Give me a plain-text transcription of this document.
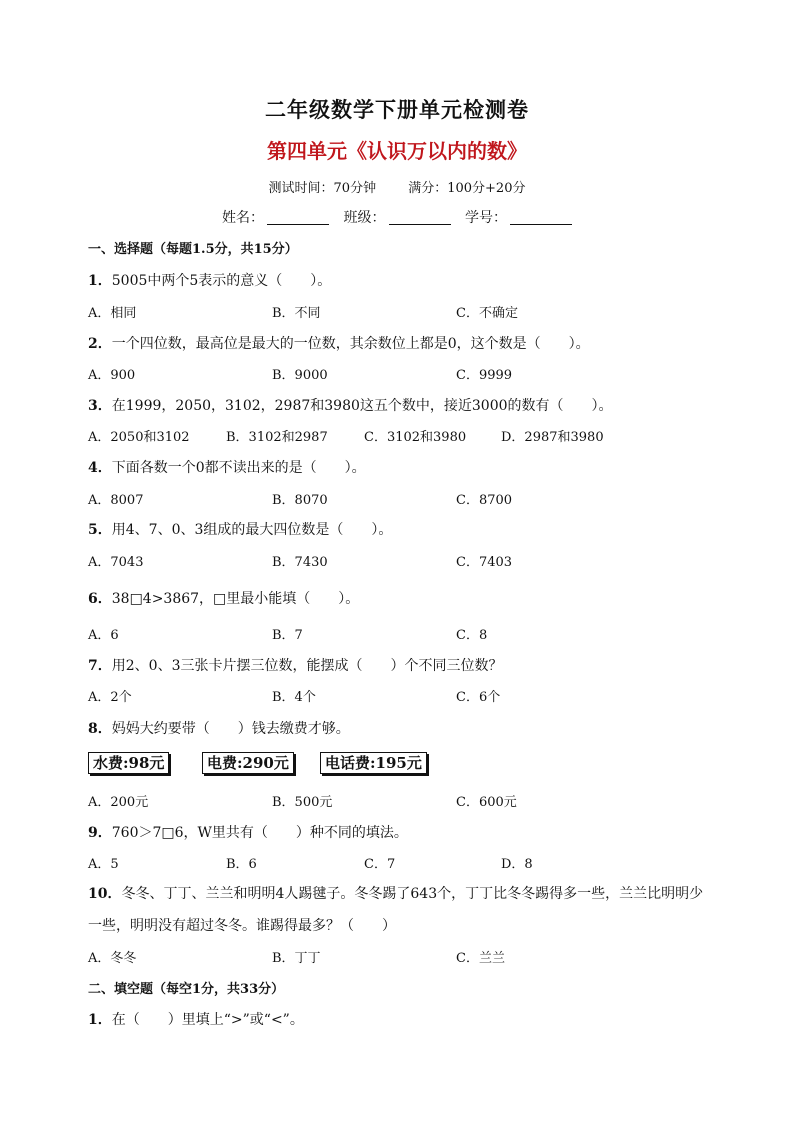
二年级数学下册单元检测卷
第四单元《认识万以内的数》
测试时间：70分钟 满分：100分+20分
姓名：	班级：	学号：
一、选择题（每题1.5分，共15分）
1．5005中两个5表示的意义（　　）。
A．相同	B．不同	C．不确定
2．一个四位数，最高位是最大的一位数，其余数位上都是0，这个数是（　　）。
A．900	B．9000	C．9999
3．在1999，2050，3102，2987和3980这五个数中，接近3000的数有（　　）。
A．2050和3102	B．3102和2987	C．3102和3980	D．2987和3980
4．下面各数一个0都不读出来的是（　　）。
A．8007	B．8070	C．8700
5．用4、7、0、3组成的最大四位数是（　　）。
A．7043	B．7430	C．7403
6．38□4>3867，□里最小能填（　　）。
A．6	B．7	C．8
7．用2、0、3三张卡片摆三位数，能摆成（　　）个不同三位数？
A．2个	B．4个	C．6个
8．妈妈大约要带（　　）钱去缴费才够。
水费:98元	电费:290元	电话费:195元
A．200元	B．500元	C．600元
9．760＞7□6，W里共有（　　）种不同的填法。
A．5	B．6	C．7	D．8
10．冬冬、丁丁、兰兰和明明4人踢毽子。冬冬踢了643个，丁丁比冬冬踢得多一些，兰兰比明明少
一些，明明没有超过冬冬。谁踢得最多？（　　）
A．冬冬	B．丁丁	C．兰兰
二、填空题（每空1分，共33分）
1．在（　　）里填上“>”或“<”。
